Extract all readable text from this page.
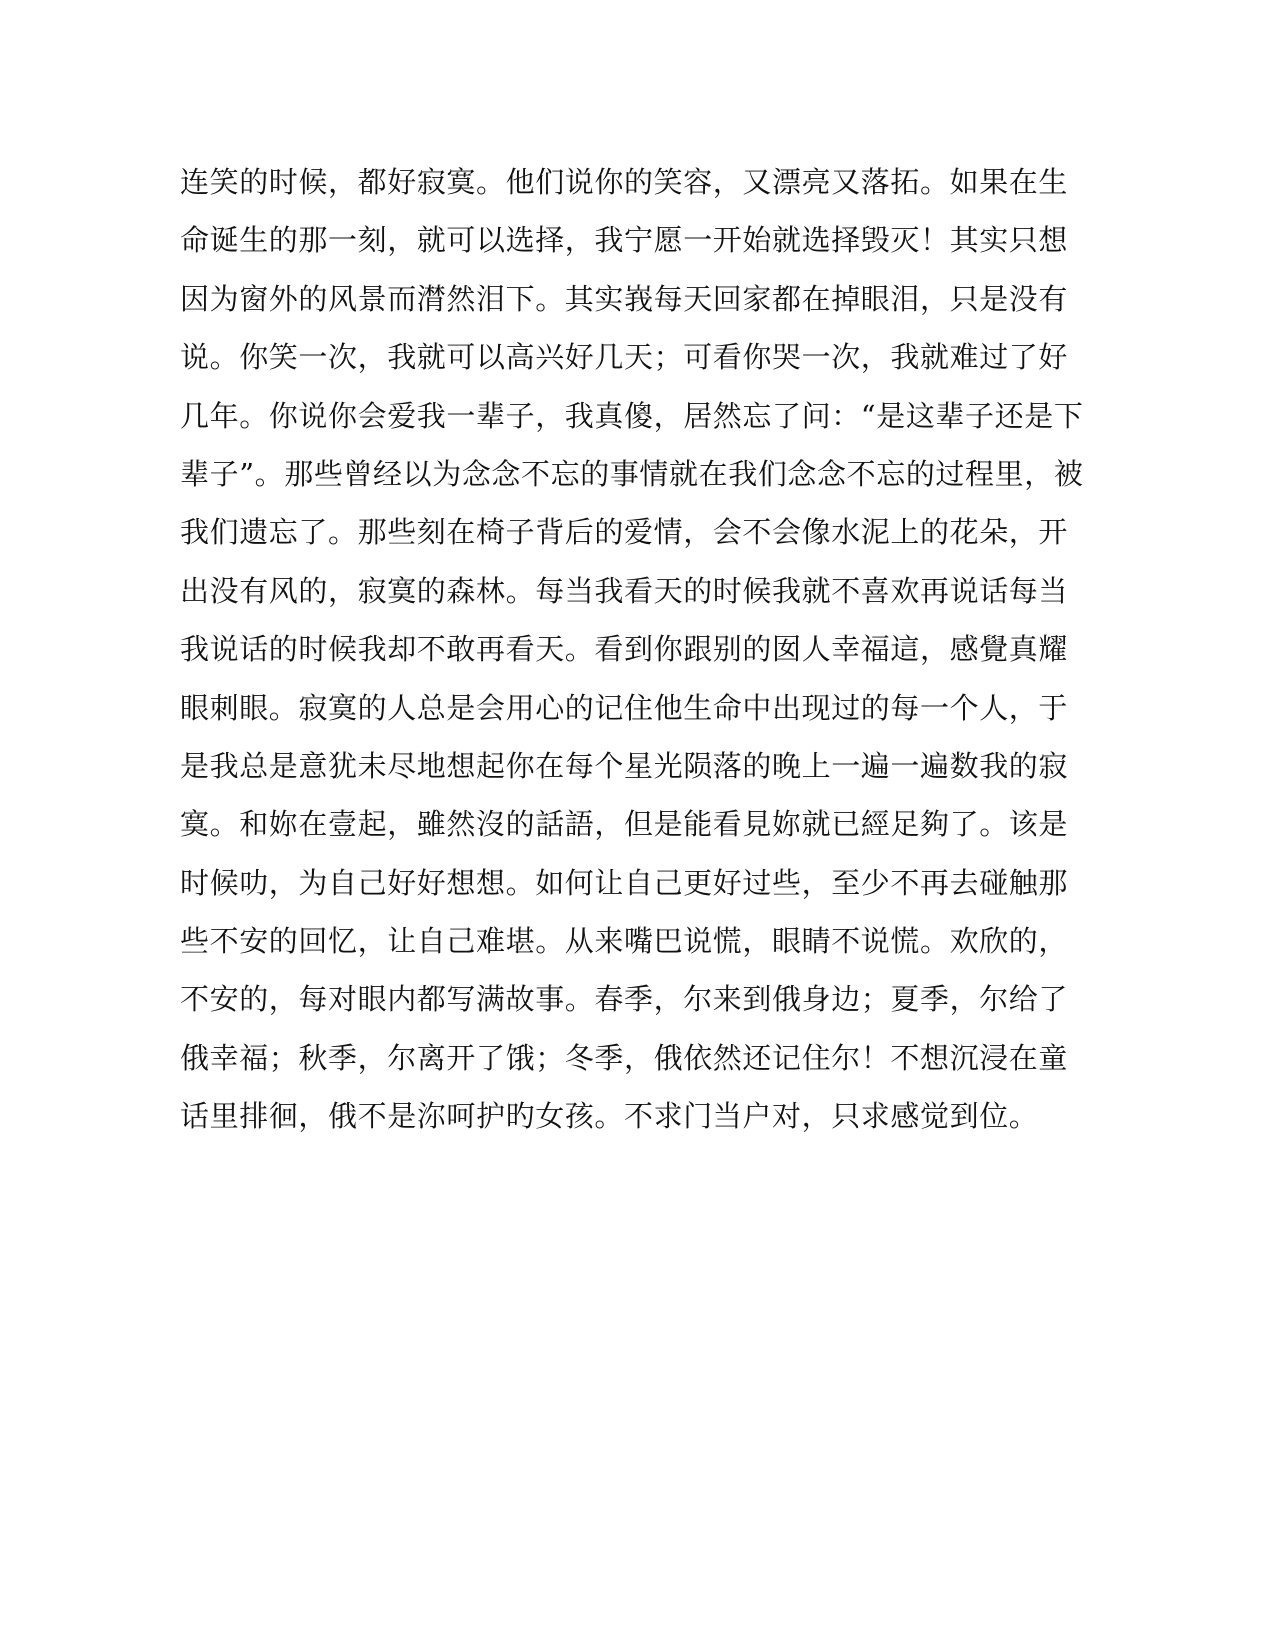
连笑的时候，都好寂寞。他们说你的笑容，又漂亮又落拓。如果在生
命诞生的那一刻，就可以选择，我宁愿一开始就选择毁灭！其实只想
因为窗外的风景而潸然泪下。其实峩每天回家都在掉眼泪，只是没有
说。你笑一次，我就可以高兴好几天；可看你哭一次，我就难过了好
几年。你说你会爱我一辈子，我真傻，居然忘了问：“是这辈子还是下
辈子”。那些曾经以为念念不忘的事情就在我们念念不忘的过程里，被
我们遗忘了。那些刻在椅子背后的爱情，会不会像水泥上的花朵，开
出没有风的，寂寞的森林。每当我看天的时候我就不喜欢再说话每当
我说话的时候我却不敢再看天。看到你跟别的囡人幸福這，感覺真耀
眼刺眼。寂寞的人总是会用心的记住他生命中出现过的每一个人，于
是我总是意犹未尽地想起你在每个星光陨落的晚上一遍一遍数我的寂
寞。和妳在壹起，雖然沒的話語，但是能看見妳就已經足夠了。该是
时候叻，为自己好好想想。如何让自己更好过些，至少不再去碰触那
些不安的回忆，让自己难堪。从来嘴巴说慌，眼睛不说慌。欢欣的，
不安的，每对眼内都写满故事。春季，尔来到俄身边；夏季，尔给了
俄幸福；秋季，尔离开了饿；冬季，俄依然还记住尔！不想沉浸在童
话里排徊，俄不是沵呵护旳女孩。不求门当户对，只求感觉到位。
